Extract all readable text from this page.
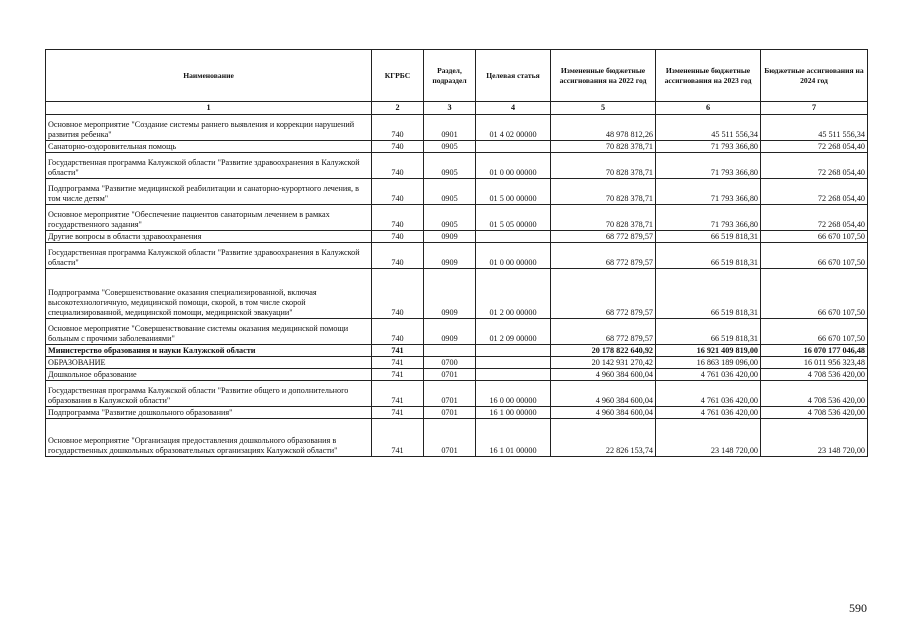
Наименование	КГРБС	Раздел, подраздел	Целевая статья	Измененные бюджетные ассигнования на 2022 год	Измененные бюджетные ассигнования на 2023 год	Бюджетные ассигнования на 2024 год
1	2	3	4	5	6	7
Основное мероприятие "Создание системы раннего выявления и коррекции нарушений развития ребенка"	740	0901	01 4 02 00000	48 978 812,26	45 511 556,34	45 511 556,34
Санаторно-оздоровительная помощь	740	0905		70 828 378,71	71 793 366,80	72 268 054,40
Государственная программа Калужской области "Развитие здравоохранения в Калужской области"	740	0905	01 0 00 00000	70 828 378,71	71 793 366,80	72 268 054,40
Подпрограмма "Развитие медицинской реабилитации и санаторно-курортного лечения, в том числе детям"	740	0905	01 5 00 00000	70 828 378,71	71 793 366,80	72 268 054,40
Основное мероприятие "Обеспечение пациентов санаторным лечением в рамках государственного задания"	740	0905	01 5 05 00000	70 828 378,71	71 793 366,80	72 268 054,40
Другие вопросы в области здравоохранения	740	0909		68 772 879,57	66 519 818,31	66 670 107,50
Государственная программа Калужской области "Развитие здравоохранения в Калужской области"	740	0909	01 0 00 00000	68 772 879,57	66 519 818,31	66 670 107,50
Подпрограмма "Совершенствование оказания специализированной, включая высокотехнологичную, медицинской помощи, скорой, в том числе скорой специализированной, медицинской помощи, медицинской эвакуации"	740	0909	01 2 00 00000	68 772 879,57	66 519 818,31	66 670 107,50
Основное мероприятие "Совершенствование системы оказания медицинской помощи больным с прочими заболеваниями"	740	0909	01 2 09 00000	68 772 879,57	66 519 818,31	66 670 107,50
Министерство образования и науки Калужской области	741			20 178 822 640,92	16 921 409 819,00	16 070 177 046,48
ОБРАЗОВАНИЕ	741	0700		20 142 931 270,42	16 863 189 096,00	16 011 956 323,48
Дошкольное образование	741	0701		4 960 384 600,04	4 761 036 420,00	4 708 536 420,00
Государственная программа Калужской области "Развитие общего и дополнительного образования в Калужской области"	741	0701	16 0 00 00000	4 960 384 600,04	4 761 036 420,00	4 708 536 420,00
Подпрограмма "Развитие дошкольного образования"	741	0701	16 1 00 00000	4 960 384 600,04	4 761 036 420,00	4 708 536 420,00
Основное мероприятие "Организация предоставления дошкольного образования в государственных дошкольных образовательных организациях Калужской области"	741	0701	16 1 01 00000	22 826 153,74	23 148 720,00	23 148 720,00
590
